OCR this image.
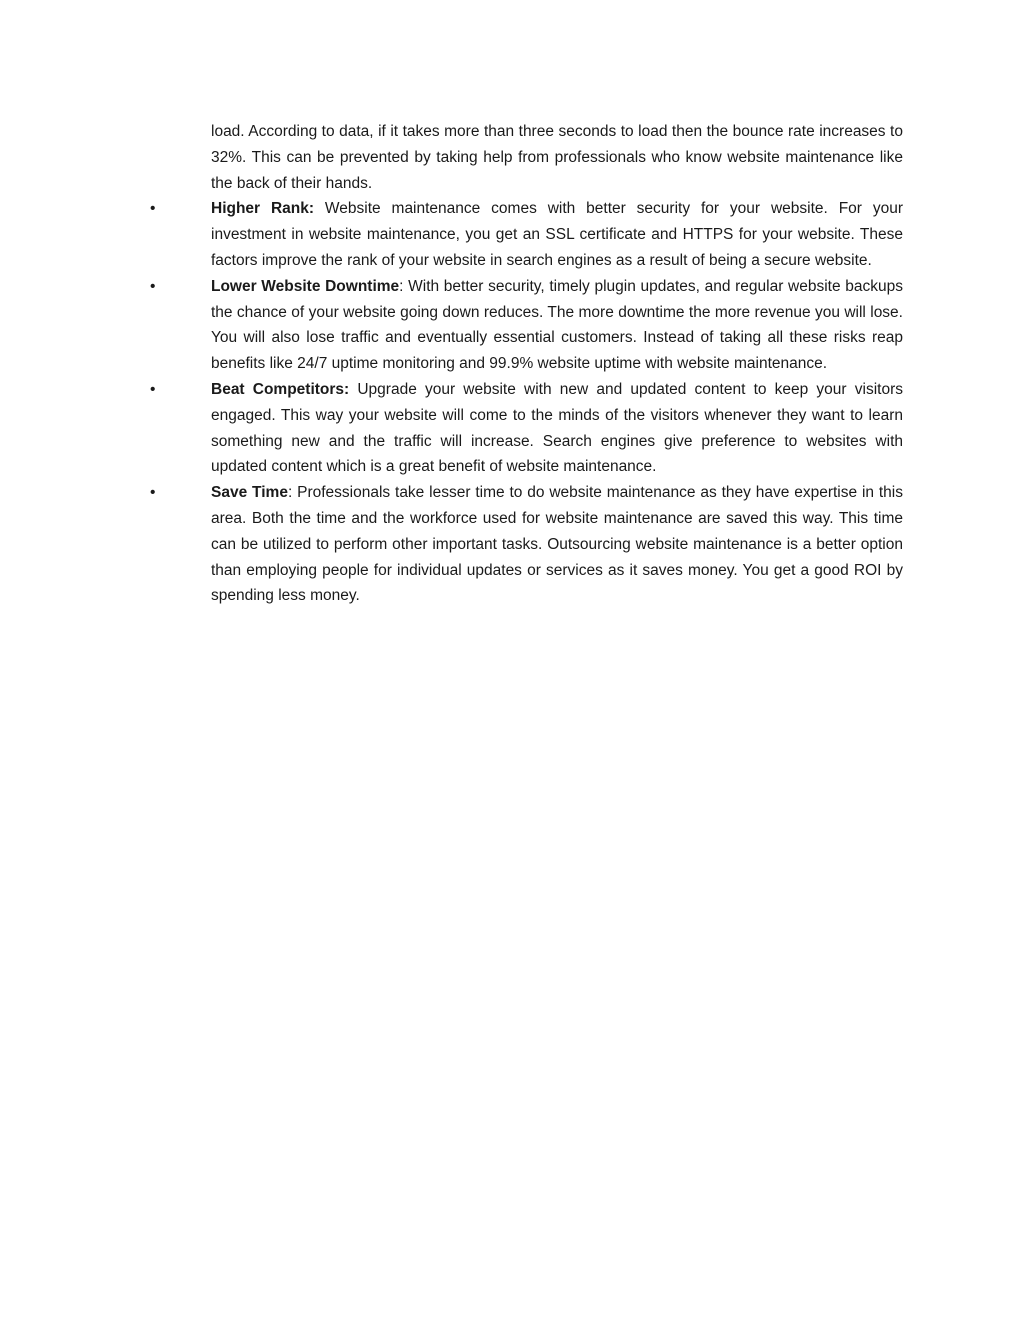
load. According to data, if it takes more than three seconds to load then the bounce rate increases to 32%. This can be prevented by taking help from professionals who know website maintenance like the back of their hands.

•	Higher Rank: Website maintenance comes with better security for your website. For your investment in website maintenance, you get an SSL certificate and HTTPS for your website. These factors improve the rank of your website in search engines as a result of being a secure website.

•	Lower Website Downtime: With better security, timely plugin updates, and regular website backups the chance of your website going down reduces. The more downtime the more revenue you will lose. You will also lose traffic and eventually essential customers. Instead of taking all these risks reap benefits like 24/7 uptime monitoring and 99.9% website uptime with website maintenance.

•	Beat Competitors: Upgrade your website with new and updated content to keep your visitors engaged. This way your website will come to the minds of the visitors whenever they want to learn something new and the traffic will increase. Search engines give preference to websites with updated content which is a great benefit of website maintenance.

•	Save Time: Professionals take lesser time to do website maintenance as they have expertise in this area. Both the time and the workforce used for website maintenance are saved this way. This time can be utilized to perform other important tasks. Outsourcing website maintenance is a better option than employing people for individual updates or services as it saves money. You get a good ROI by spending less money.
